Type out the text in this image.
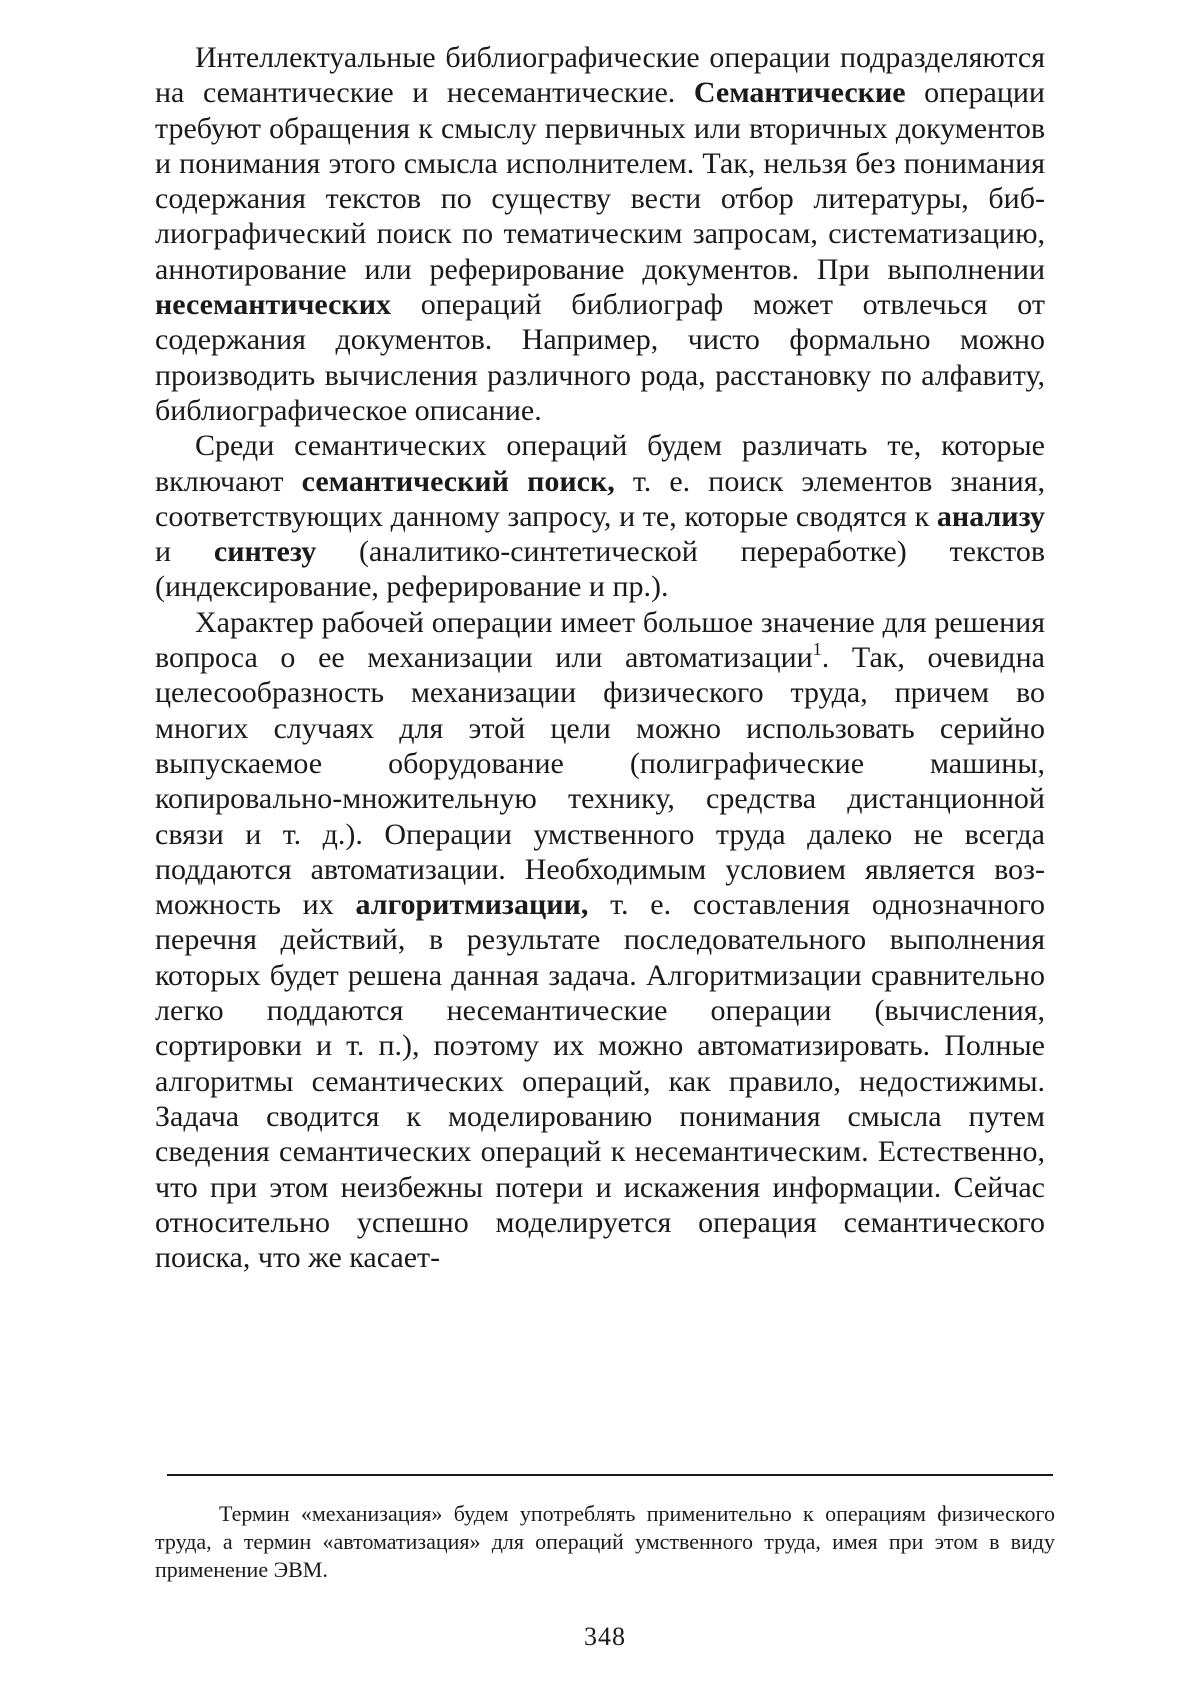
Интеллектуальные библиографические операции подразделяются на семантические и несемантические. Семантические операции требуют обращения к смыслу первичных или вторичных документов и понимания этого смысла исполнителем. Так, нельзя без понимания содержания текстов по существу вести отбор литературы, библиографический поиск по тематическим запросам, систематизацию, аннотирование или реферирование документов. При выполнении несемантических операций библиограф может отвлечься от содержания документов. Например, чисто формально можно производить вычисления различного рода, расстановку по алфавиту, библиографическое описание.

Среди семантических операций будем различать те, которые включают семантический поиск, т. е. поиск элементов знания, соответствующих данному запросу, и те, которые сводятся к анализу и синтезу (аналитико-синтетической переработке) текстов (индексирование, реферирование и пр.).

Характер рабочей операции имеет большое значение для решения вопроса о ее механизации или автоматизации$^1$. Так, очевидна целесообразность механизации физического труда, причем во многих случаях для этой цели можно использовать серийно выпускаемое оборудование (полиграфические машины, копировально-множительную технику, средства дистанционной связи и т. д.). Операции умственного труда далеко не всегда поддаются автоматизации. Необходимым условием является возможность их алгоритмизации, т. е. составления однозначного перечня действий, в результате последовательного выполнения которых будет решена данная задача. Алгоритмизации сравнительно легко поддаются несемантические операции (вычисления, сортировки и т. п.), поэтому их можно автоматизировать. Полные алгоритмы семантических операций, как правило, недостижимы. Задача сводится к моделированию понимания смысла путем сведения семантических операций к несемантическим. Естественно, что при этом неизбежны потери и искажения информации. Сейчас относительно успешно моделируется операция семантического поиска, что же касает-

Термин «механизация» будем употреблять применительно к операциям физического труда, а термин «автоматизация» для операций умственного труда, имея при этом в виду применение ЭВМ.

348
